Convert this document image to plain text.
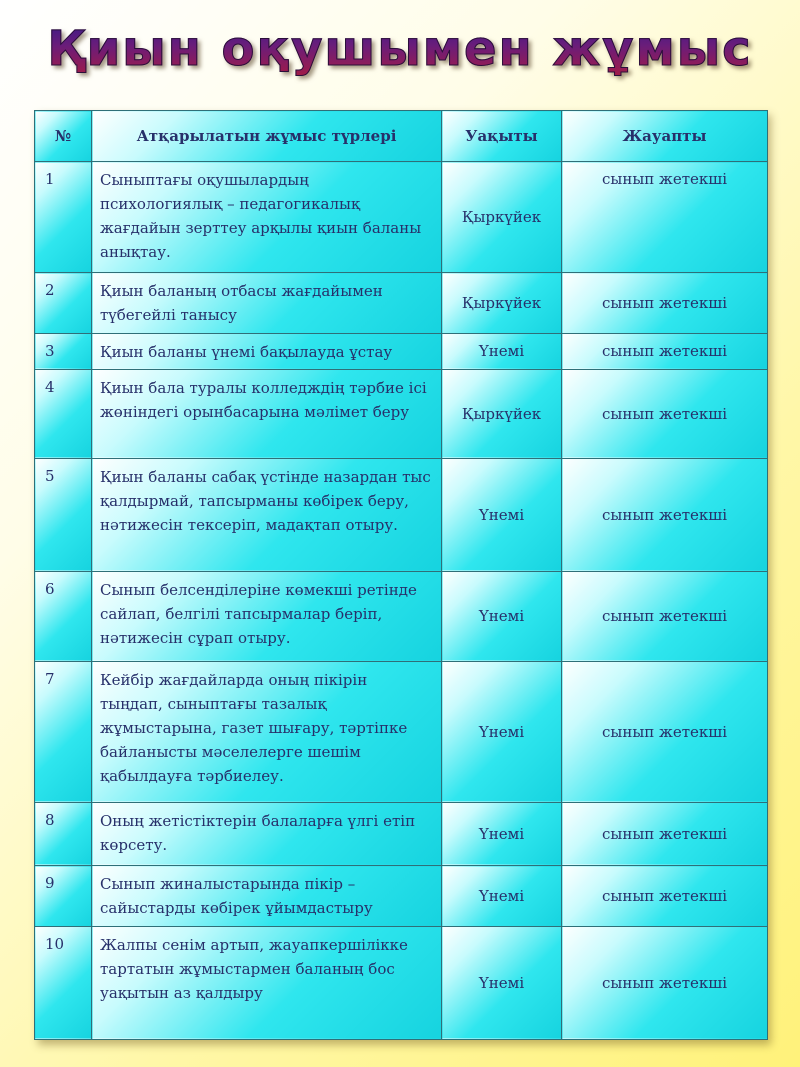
Қиын оқушымен жұмыс
№	Атқарылатын жұмыс түрлері	Уақыты	Жауапты
1	Сыныптағы оқушылардың психологиялық – педагогикалық жағдайын зерттеу арқылы қиын баланы анықтау.	Қыркүйек	сынып жетекші
2	Қиын баланың отбасы жағдайымен түбегейлі танысу	Қыркүйек	сынып жетекші
3	Қиын баланы үнемі бақылауда ұстау	Үнемі	сынып жетекші
4	Қиын бала туралы колледждің тәрбие ісі жөніндегі орынбасарына мәлімет беру	Қыркүйек	сынып жетекші
5	Қиын баланы сабақ үстінде назардан тыс қалдырмай, тапсырманы көбірек беру, нәтижесін тексеріп, мадақтап отыру.	Үнемі	сынып жетекші
6	Сынып белсенділеріне көмекші ретінде сайлап, белгілі тапсырмалар беріп, нәтижесін сұрап отыру.	Үнемі	сынып жетекші
7	Кейбір жағдайларда оның пікірін тыңдап, сыныптағы тазалық жұмыстарына, газет шығару, тәртіпке байланысты мәселелерге шешім қабылдауға тәрбиелеу.	Үнемі	сынып жетекші
8	Оның жетістіктерін балаларға үлгі етіп көрсету.	Үнемі	сынып жетекші
9	Сынып жиналыстарында пікір – сайыстарды көбірек ұйымдастыру	Үнемі	сынып жетекші
10	Жалпы сенім артып, жауапкершілікке тартатын жұмыстармен баланың бос уақытын аз қалдыру	Үнемі	сынып жетекші
